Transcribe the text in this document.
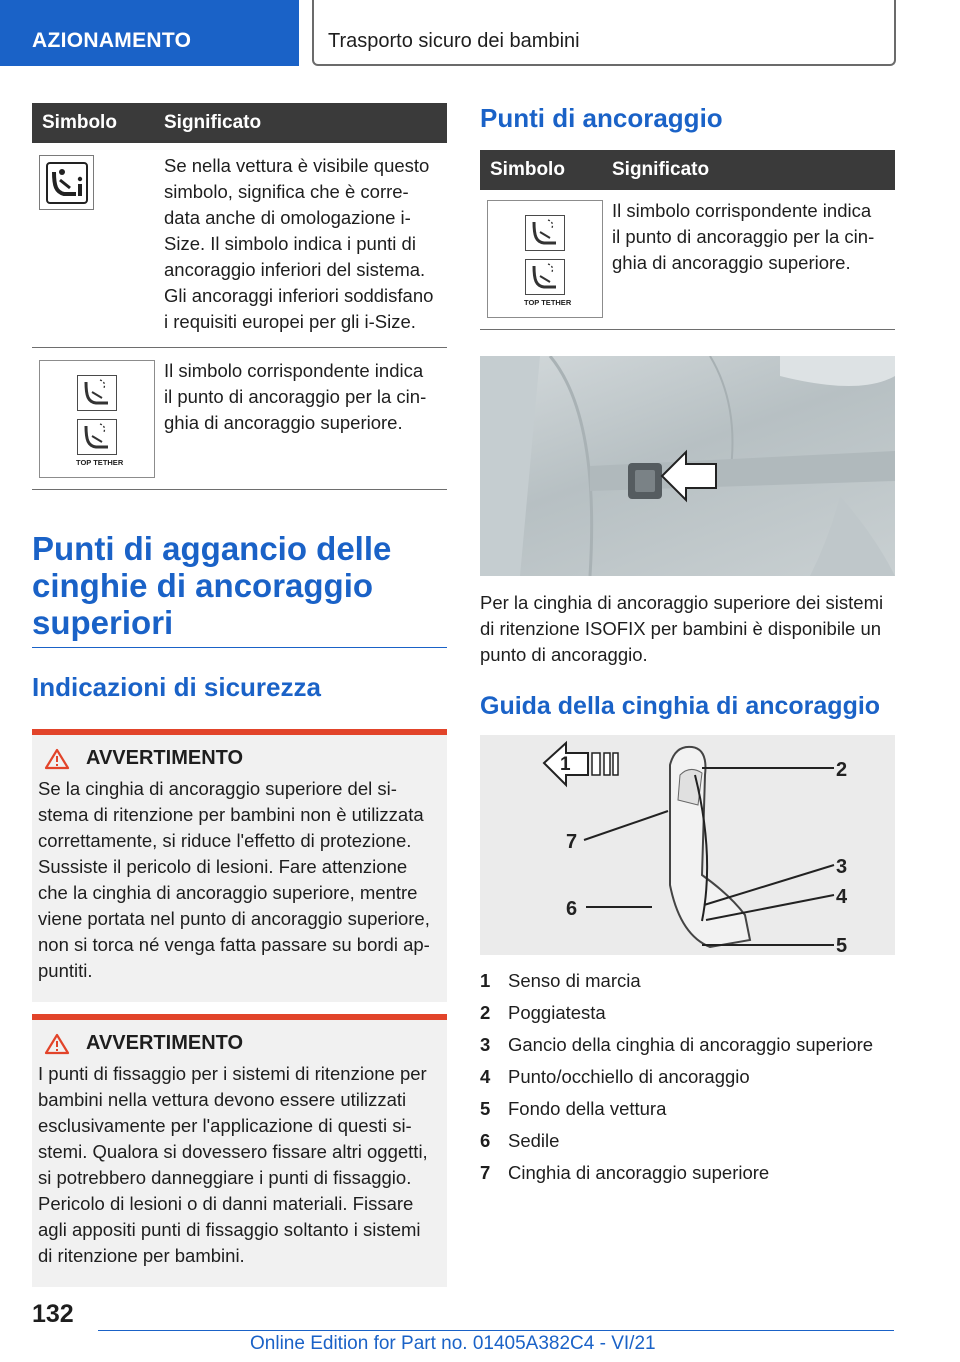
AZIONAMENTO	Trasporto sicuro dei bambini
Simbolo	Significato
Se nella vettura è visibile questo
simbolo, significa che è corre-
data anche di omologazione i-
Size. Il simbolo indica i punti di
ancoraggio inferiori del sistema.
Gli ancoraggi inferiori soddisfano
i requisiti europei per gli i-Size.
TOP TETHER
Il simbolo corrispondente indica
il punto di ancoraggio per la cin-
ghia di ancoraggio superiore.
Punti di aggancio delle
cinghie di ancoraggio
superiori
Indicazioni di sicurezza
AVVERTIMENTO
Se la cinghia di ancoraggio superiore del si-
stema di ritenzione per bambini non è utilizzata
correttamente, si riduce l'effetto di protezione.
Sussiste il pericolo di lesioni. Fare attenzione
che la cinghia di ancoraggio superiore, mentre
viene portata nel punto di ancoraggio superiore,
non si torca né venga fatta passare su bordi ap-
puntiti.
AVVERTIMENTO
I punti di fissaggio per i sistemi di ritenzione per
bambini nella vettura devono essere utilizzati
esclusivamente per l'applicazione di questi si-
stemi. Qualora si dovessero fissare altri oggetti,
si potrebbero danneggiare i punti di fissaggio.
Pericolo di lesioni o di danni materiali. Fissare
agli appositi punti di fissaggio soltanto i sistemi
di ritenzione per bambini.
Punti di ancoraggio
Simbolo	Significato
TOP TETHER
Il simbolo corrispondente indica
il punto di ancoraggio per la cin-
ghia di ancoraggio superiore.
Per la cinghia di ancoraggio superiore dei sistemi
di ritenzione ISOFIX per bambini è disponibile un
punto di ancoraggio.
Guida della cinghia di ancoraggio
1	2
7
3
4
6
5
1 Senso di marcia
2 Poggiatesta
3 Gancio della cinghia di ancoraggio superiore
4 Punto/occhiello di ancoraggio
5 Fondo della vettura
6 Sedile
7 Cinghia di ancoraggio superiore
132
Online Edition for Part no. 01405A382C4 - VI/21
